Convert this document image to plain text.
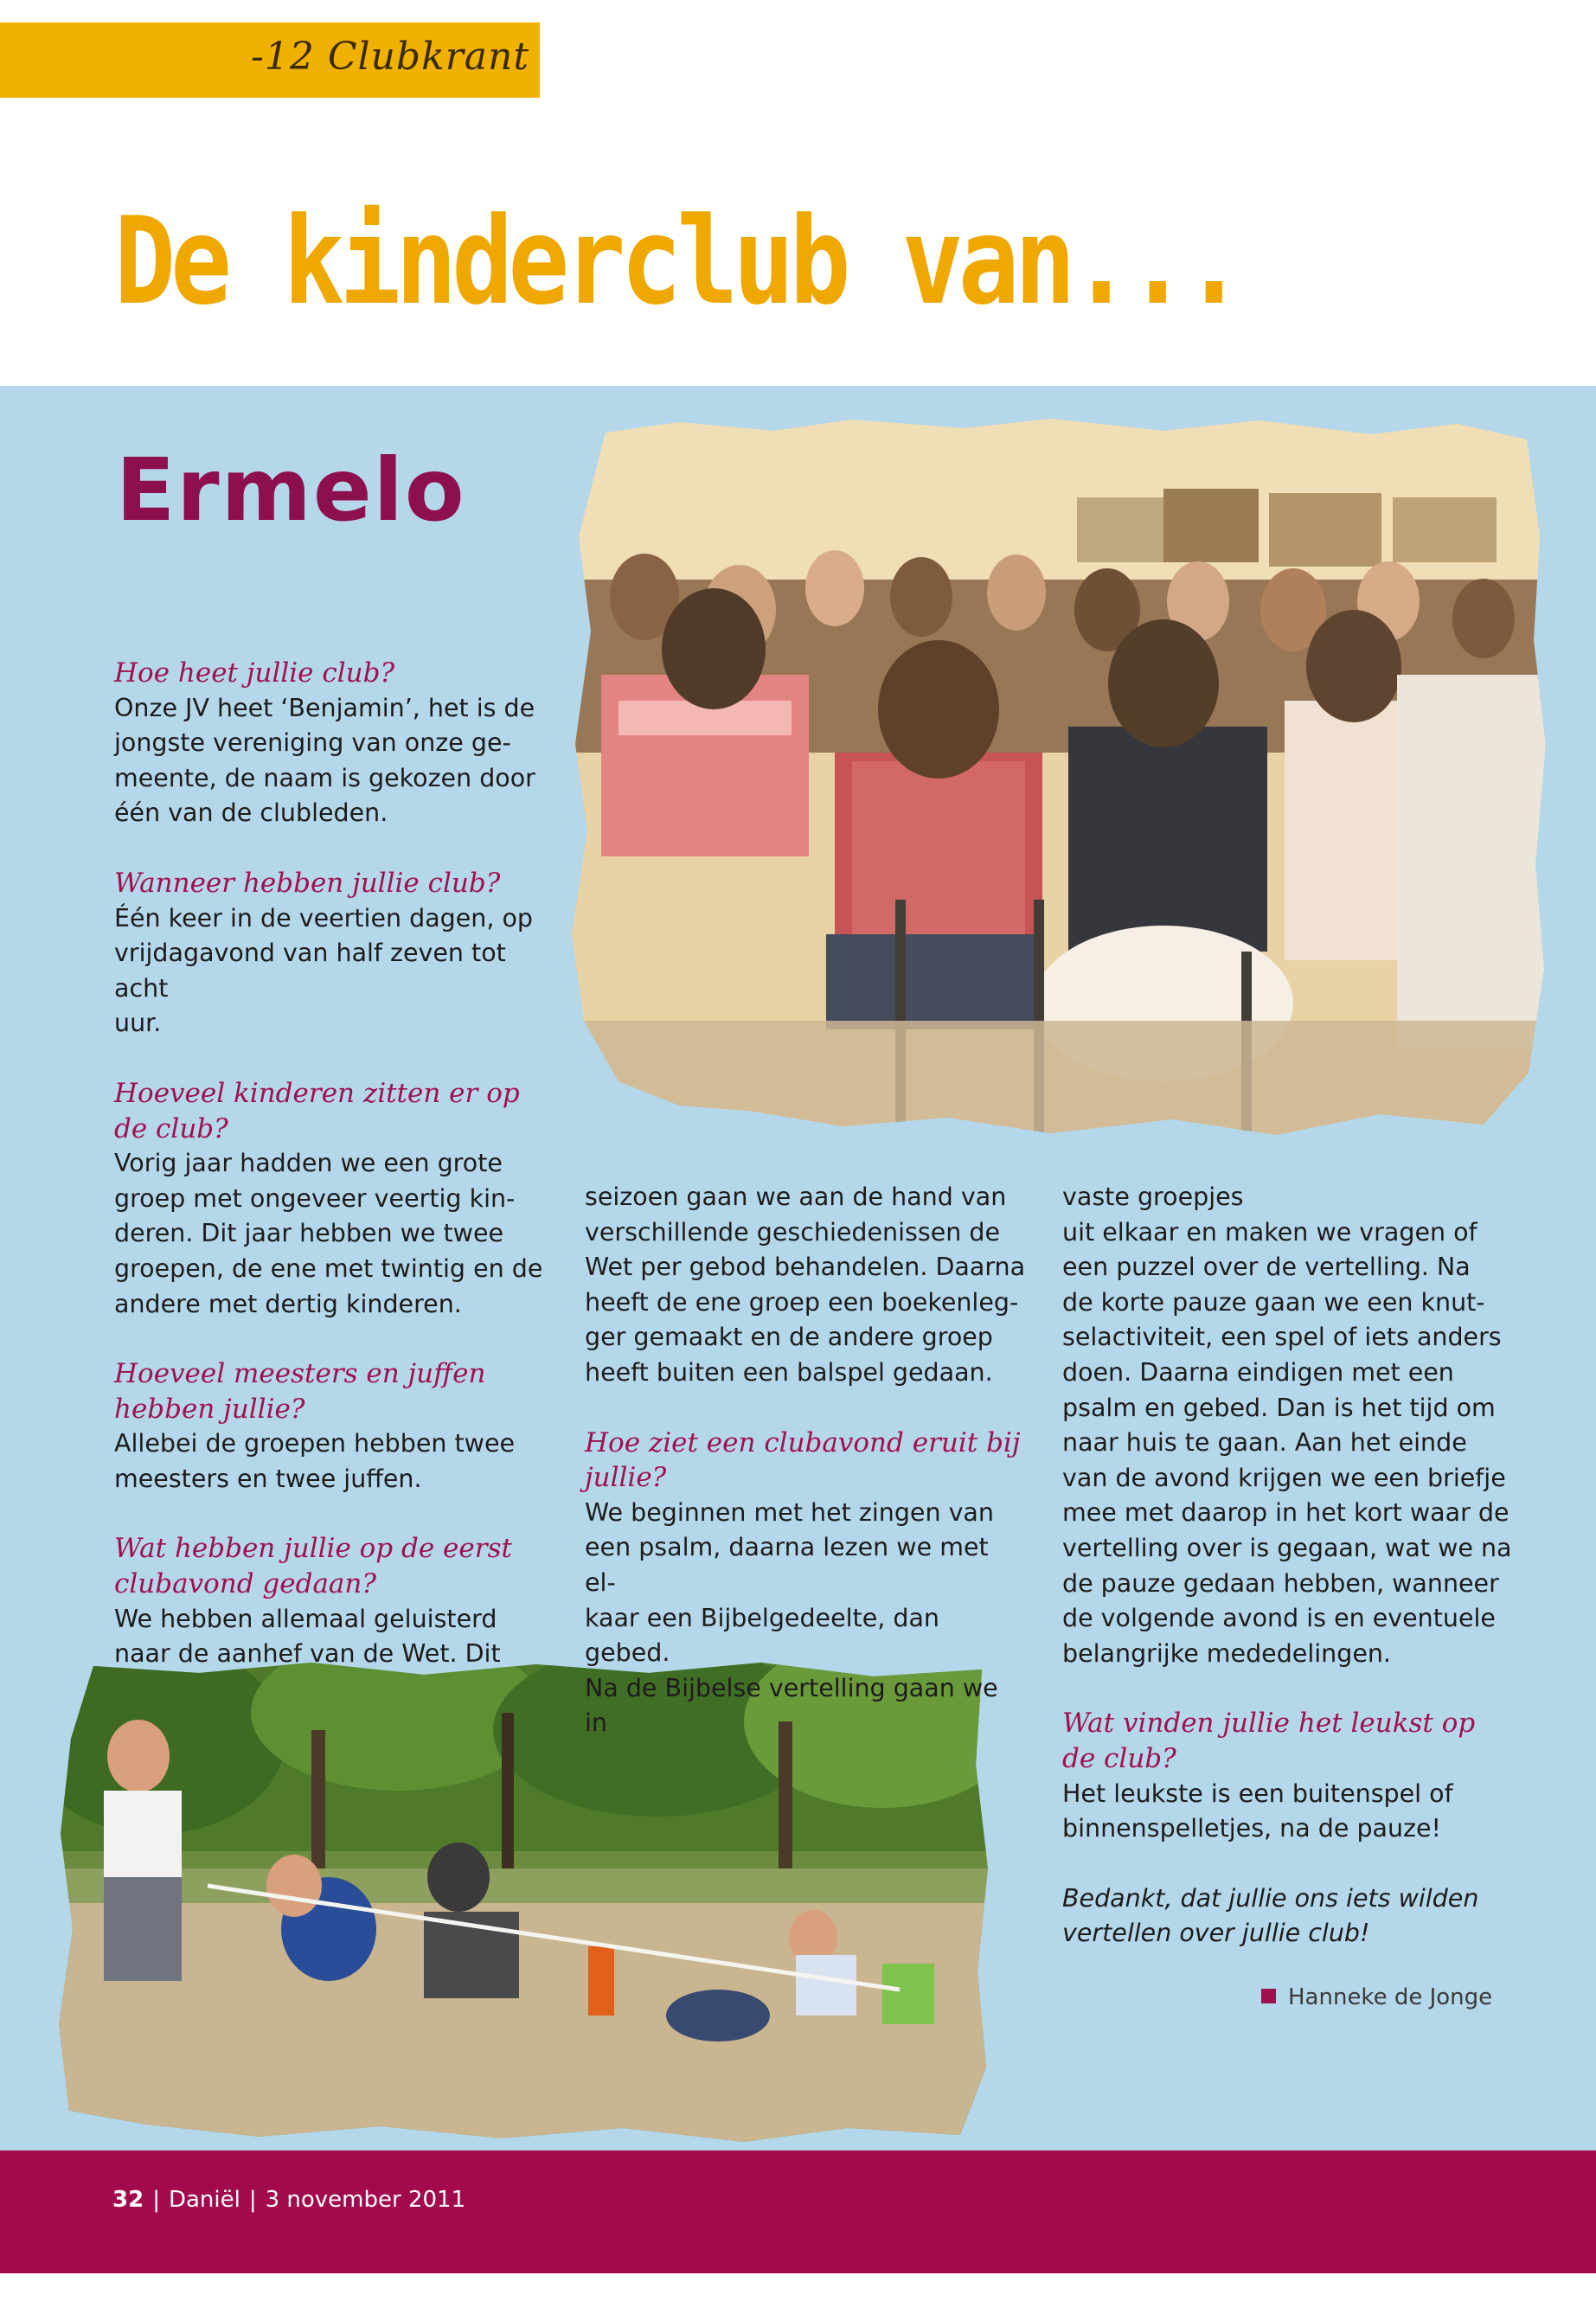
-12 Clubkrant
De kinderclub van...
Ermelo

Hoe heet jullie club?

Onze JV heet ‘Benjamin’, het is de

jongste vereniging van onze ge-

meente, de naam is gekozen door

één van de clubleden.

Wanneer hebben jullie club?

Één keer in de veertien dagen, op

vrijdagavond van half zeven tot acht

uur.

Hoeveel kinderen zitten er op

de club?

Vorig jaar hadden we een grote

groep met ongeveer veertig kin-

deren. Dit jaar hebben we twee

groepen, de ene met twintig en de

andere met dertig kinderen.

Hoeveel meesters en juffen

hebben jullie?

Allebei de groepen hebben twee

meesters en twee juffen.

Wat hebben jullie op de eerst

clubavond gedaan?

We hebben allemaal geluisterd

naar de aanhef van de Wet. Dit

seizoen gaan we aan de hand van

verschillende geschiedenissen de

Wet per gebod behandelen. Daarna

heeft de ene groep een boekenleg-

ger gemaakt en de andere groep

heeft buiten een balspel gedaan.

Hoe ziet een clubavond eruit bij

jullie?

We beginnen met het zingen van

een psalm, daarna lezen we met el-

kaar een Bijbelgedeelte, dan gebed.

Na de Bijbelse vertelling gaan we in

vaste groepjes

uit elkaar en maken we vragen of

een puzzel over de vertelling. Na

de korte pauze gaan we een knut-

selactiviteit, een spel of iets anders

doen. Daarna eindigen met een

psalm en gebed. Dan is het tijd om

naar huis te gaan. Aan het einde

van de avond krijgen we een briefje

mee met daarop in het kort waar de

vertelling over is gegaan, wat we na

de pauze gedaan hebben, wanneer

de volgende avond is en eventuele

belangrijke mededelingen.

Wat vinden jullie het leukst op

de club?

Het leukste is een buitenspel of

binnenspelletjes, na de pauze!

Bedankt, dat jullie ons iets wilden

vertellen over jullie club!

Hanneke de Jonge
32 | Daniël | 3 november 2011
